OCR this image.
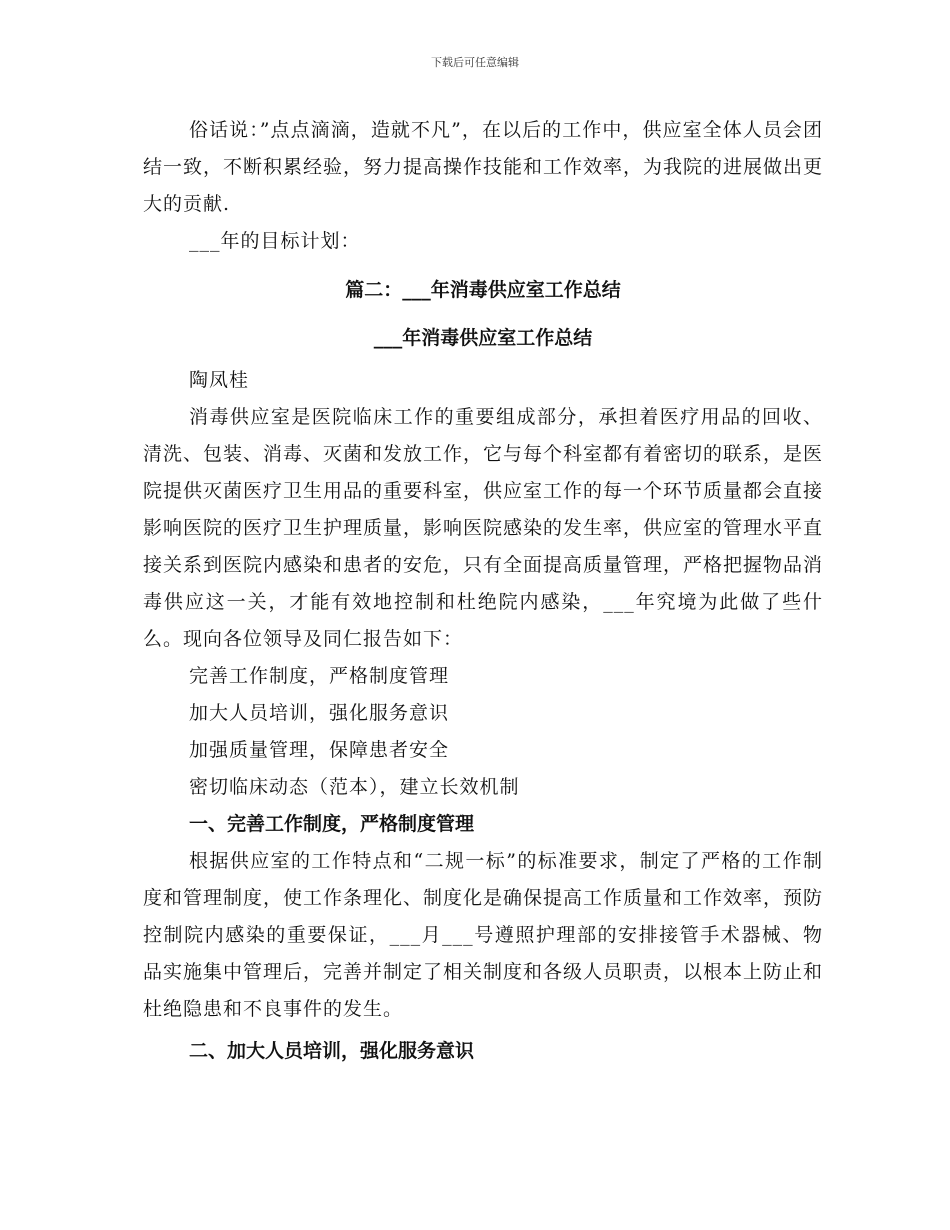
下载后可任意编辑

俗话说：”点点滴滴，造就不凡”，在以后的工作中，供应室全体人员会团结一致，不断积累经验，努力提高操作技能和工作效率，为我院的进展做出更大的贡献.

___年的目标计划：

篇二：___年消毒供应室工作总结

___年消毒供应室工作总结

陶凤桂

消毒供应室是医院临床工作的重要组成部分，承担着医疗用品的回收、清洗、包装、消毒、灭菌和发放工作，它与每个科室都有着密切的联系，是医院提供灭菌医疗卫生用品的重要科室，供应室工作的每一个环节质量都会直接影响医院的医疗卫生护理质量，影响医院感染的发生率，供应室的管理水平直接关系到医院内感染和患者的安危，只有全面提高质量管理，严格把握物品消毒供应这一关，才能有效地控制和杜绝院内感染，___年究境为此做了些什么。现向各位领导及同仁报告如下：

完善工作制度，严格制度管理

加大人员培训，强化服务意识

加强质量管理，保障患者安全

密切临床动态（范本），建立长效机制

一、完善工作制度，严格制度管理

根据供应室的工作特点和“二规一标”的标准要求，制定了严格的工作制度和管理制度，使工作条理化、制度化是确保提高工作质量和工作效率，预防控制院内感染的重要保证，___月___号遵照护理部的安排接管手术器械、物品实施集中管理后，完善并制定了相关制度和各级人员职责，以根本上防止和杜绝隐患和不良事件的发生。

二、加大人员培训，强化服务意识
